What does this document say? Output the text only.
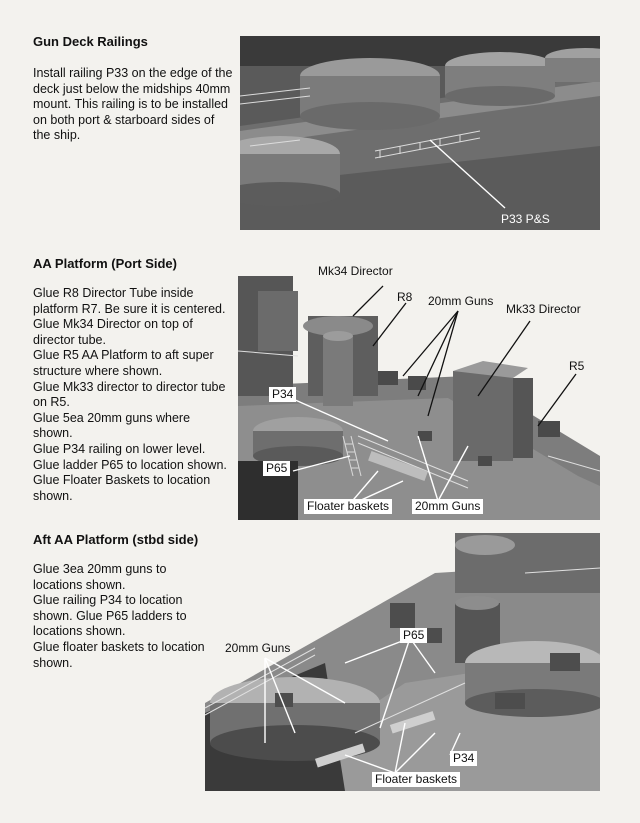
Gun Deck Railings

Install railing P33 on the edge of the deck just below the midships 40mm mount. This railing is to be installed on both port & starboard sides of the ship.

P33 P&S
AA Platform (Port Side)

Glue R8 Director Tube inside platform R7. Be sure it is centered.

Glue Mk34 Director on top of director tube.

Glue R5 AA Platform to aft super structure where shown.

Glue Mk33 director to director tube on R5.

Glue 5ea 20mm guns where shown.

Glue P34 railing on lower level.

Glue ladder P65 to location shown.

Glue Floater Baskets to location shown.

Mk34 Director
R8 20mm Guns
Mk33 Director
R5
P34
P65
Floater baskets 20mm Guns
Aft AA Platform (stbd side)

Glue 3ea 20mm guns to locations shown.

Glue railing P34 to location shown. Glue P65 ladders to locations shown.

Glue floater baskets to location shown.

P65
20mm Guns
P34
Floater baskets
